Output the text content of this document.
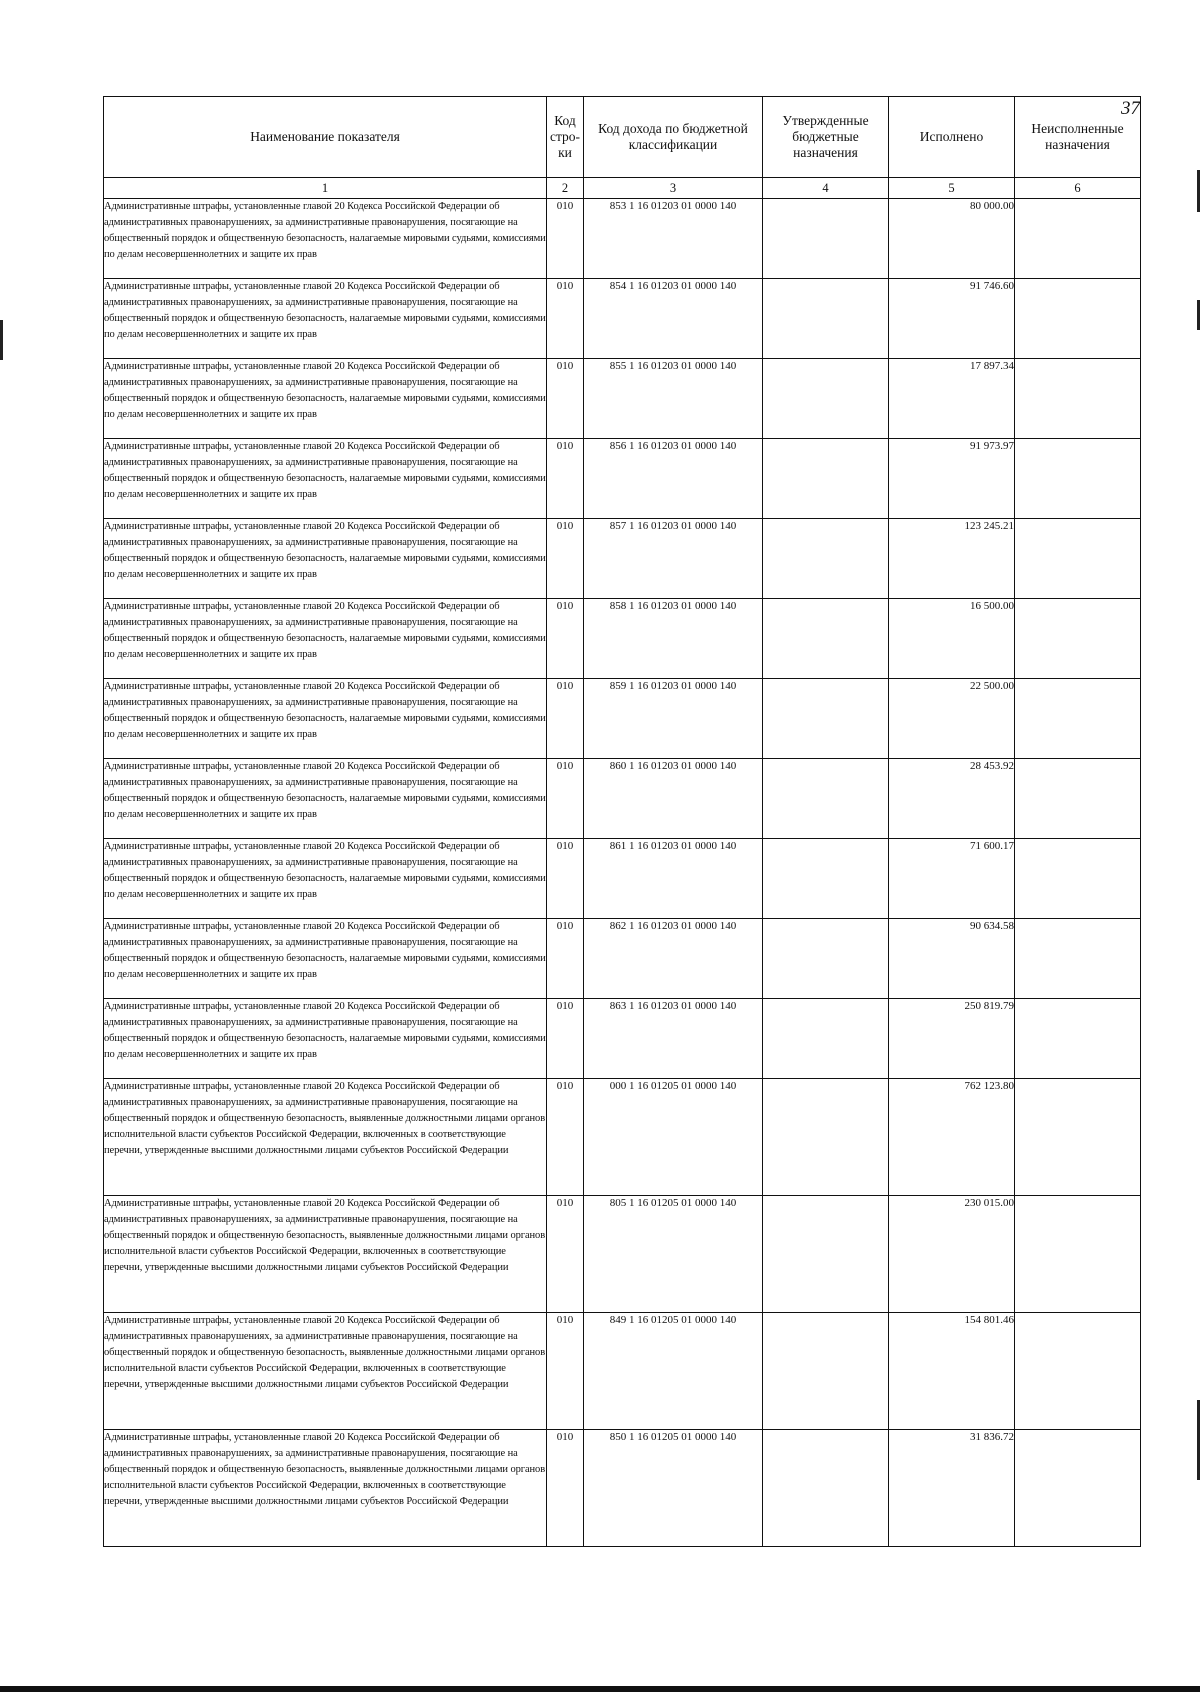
37
Наименование показателя	Код стро- ки	Код дохода по бюджетной классификации	Утвержденные бюджетные назначения	Исполнено	Неисполненные назначения
1	2	3	4	5	6
Административные штрафы, установленные главой 20 Кодекса Российской Федерации об административных правонарушениях, за административные правонарушения, посягающие на общественный порядок и общественную безопасность, налагаемые мировыми судьями, комиссиями по делам несовершеннолетних и защите их прав	010	853 1 16 01203 01 0000 140		80 000.00	
Административные штрафы, установленные главой 20 Кодекса Российской Федерации об административных правонарушениях, за административные правонарушения, посягающие на общественный порядок и общественную безопасность, налагаемые мировыми судьями, комиссиями по делам несовершеннолетних и защите их прав	010	854 1 16 01203 01 0000 140		91 746.60	
Административные штрафы, установленные главой 20 Кодекса Российской Федерации об административных правонарушениях, за административные правонарушения, посягающие на общественный порядок и общественную безопасность, налагаемые мировыми судьями, комиссиями по делам несовершеннолетних и защите их прав	010	855 1 16 01203 01 0000 140		17 897.34	
Административные штрафы, установленные главой 20 Кодекса Российской Федерации об административных правонарушениях, за административные правонарушения, посягающие на общественный порядок и общественную безопасность, налагаемые мировыми судьями, комиссиями по делам несовершеннолетних и защите их прав	010	856 1 16 01203 01 0000 140		91 973.97	
Административные штрафы, установленные главой 20 Кодекса Российской Федерации об административных правонарушениях, за административные правонарушения, посягающие на общественный порядок и общественную безопасность, налагаемые мировыми судьями, комиссиями по делам несовершеннолетних и защите их прав	010	857 1 16 01203 01 0000 140		123 245.21	
Административные штрафы, установленные главой 20 Кодекса Российской Федерации об административных правонарушениях, за административные правонарушения, посягающие на общественный порядок и общественную безопасность, налагаемые мировыми судьями, комиссиями по делам несовершеннолетних и защите их прав	010	858 1 16 01203 01 0000 140		16 500.00	
Административные штрафы, установленные главой 20 Кодекса Российской Федерации об административных правонарушениях, за административные правонарушения, посягающие на общественный порядок и общественную безопасность, налагаемые мировыми судьями, комиссиями по делам несовершеннолетних и защите их прав	010	859 1 16 01203 01 0000 140		22 500.00	
Административные штрафы, установленные главой 20 Кодекса Российской Федерации об административных правонарушениях, за административные правонарушения, посягающие на общественный порядок и общественную безопасность, налагаемые мировыми судьями, комиссиями по делам несовершеннолетних и защите их прав	010	860 1 16 01203 01 0000 140		28 453.92	
Административные штрафы, установленные главой 20 Кодекса Российской Федерации об административных правонарушениях, за административные правонарушения, посягающие на общественный порядок и общественную безопасность, налагаемые мировыми судьями, комиссиями по делам несовершеннолетних и защите их прав	010	861 1 16 01203 01 0000 140		71 600.17	
Административные штрафы, установленные главой 20 Кодекса Российской Федерации об административных правонарушениях, за административные правонарушения, посягающие на общественный порядок и общественную безопасность, налагаемые мировыми судьями, комиссиями по делам несовершеннолетних и защите их прав	010	862 1 16 01203 01 0000 140		90 634.58	
Административные штрафы, установленные главой 20 Кодекса Российской Федерации об административных правонарушениях, за административные правонарушения, посягающие на общественный порядок и общественную безопасность, налагаемые мировыми судьями, комиссиями по делам несовершеннолетних и защите их прав	010	863 1 16 01203 01 0000 140		250 819.79	
Административные штрафы, установленные главой 20 Кодекса Российской Федерации об административных правонарушениях, за административные правонарушения, посягающие на общественный порядок и общественную безопасность, выявленные должностными лицами органов исполнительной власти субъектов Российской Федерации, включенных в соответствующие перечни, утвержденные высшими должностными лицами субъектов Российской Федерации	010	000 1 16 01205 01 0000 140		762 123.80	
Административные штрафы, установленные главой 20 Кодекса Российской Федерации об административных правонарушениях, за административные правонарушения, посягающие на общественный порядок и общественную безопасность, выявленные должностными лицами органов исполнительной власти субъектов Российской Федерации, включенных в соответствующие перечни, утвержденные высшими должностными лицами субъектов Российской Федерации	010	805 1 16 01205 01 0000 140		230 015.00	
Административные штрафы, установленные главой 20 Кодекса Российской Федерации об административных правонарушениях, за административные правонарушения, посягающие на общественный порядок и общественную безопасность, выявленные должностными лицами органов исполнительной власти субъектов Российской Федерации, включенных в соответствующие перечни, утвержденные высшими должностными лицами субъектов Российской Федерации	010	849 1 16 01205 01 0000 140		154 801.46	
Административные штрафы, установленные главой 20 Кодекса Российской Федерации об административных правонарушениях, за административные правонарушения, посягающие на общественный порядок и общественную безопасность, выявленные должностными лицами органов исполнительной власти субъектов Российской Федерации, включенных в соответствующие перечни, утвержденные высшими должностными лицами субъектов Российской Федерации	010	850 1 16 01205 01 0000 140		31 836.72	
